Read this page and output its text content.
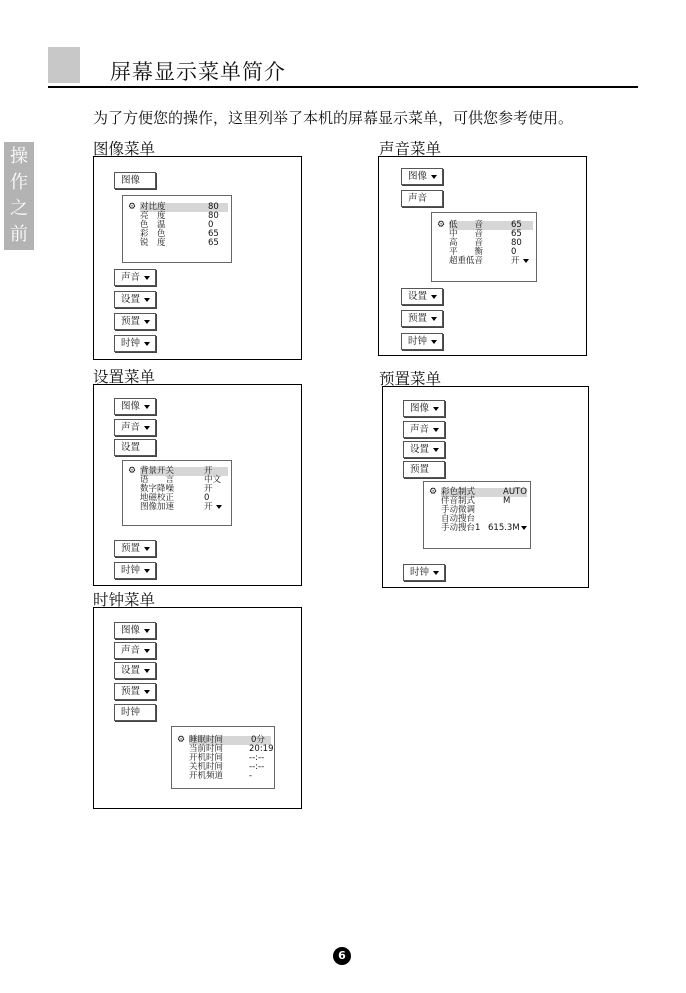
屏幕显示菜单简介
为了方便您的操作，这里列举了本机的屏幕显示菜单，可供您参考使用。
操
作
之
前
图像菜单
图像
⚙ 对比度	80
亮　度	80
色　温	0
彩　色	65
锐　度	65
声音
设置
预置
时钟
声音菜单
图像
声音
⚙ 低　　音	65
中　　音	65
高　　音	80
平　　衡	0
超重低音	开
设置
预置
时钟
设置菜单
图像
声音
设置
⚙ 背景开关	开
语　　言	中文
数字降噪	开
地磁校正	0
图像加速	开
预置
时钟
预置菜单
图像
声音
设置
预置
⚙ 彩色制式	AUTO
伴音制式	M
手动微调
自动搜台
手动搜台1 615.3M
时钟
时钟菜单
图像
声音
设置
预置
时钟
⚙ 睡眠时间	0分
当前时间	20:19
开机时间	--:--
关机时间	--:--
开机频道	-
6
